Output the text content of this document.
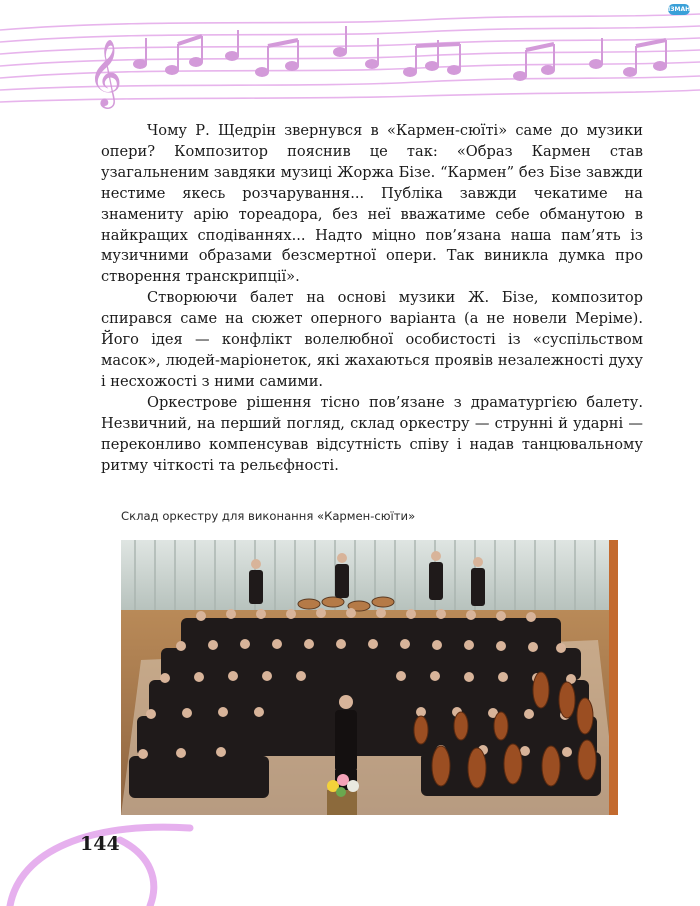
𝄞
ІЗМАН

Чому Р. Щедрін звернувся в «Кармен-сюїті» саме до музики опери? Композитор пояснив це так: «Образ Кармен став узагальненим завдяки музиці Жоржа Бізе. “Кармен” без Бізе завжди нестиме якесь розчарування... Публіка завжди чекатиме на знамениту арію тореадора, без неї вважатиме себе обманутою в найкращих сподіваннях... Надто міцно пов’язана наша пам’ять із музичними образами безсмертної опери. Так виникла думка про створення транскрипції».

Створюючи балет на основі музики Ж. Бізе, композитор спирався саме на сюжет оперного варіанта (а не новели Меріме). Його ідея — конфлікт волелюбної особистості із «суспільством масок», людей-маріонеток, які жахаються проявів незалежності духу і несхожості з ними самими.

Оркестрове рішення тісно пов’язане з драматургією балету. Незвичний, на перший погляд, склад оркестру — струнні й ударні — переконливо компенсував відсутність співу і надав танцювальному ритму чіткості та рельєфності.

Склад оркестру для виконання «Кармен-сюїти»
144
